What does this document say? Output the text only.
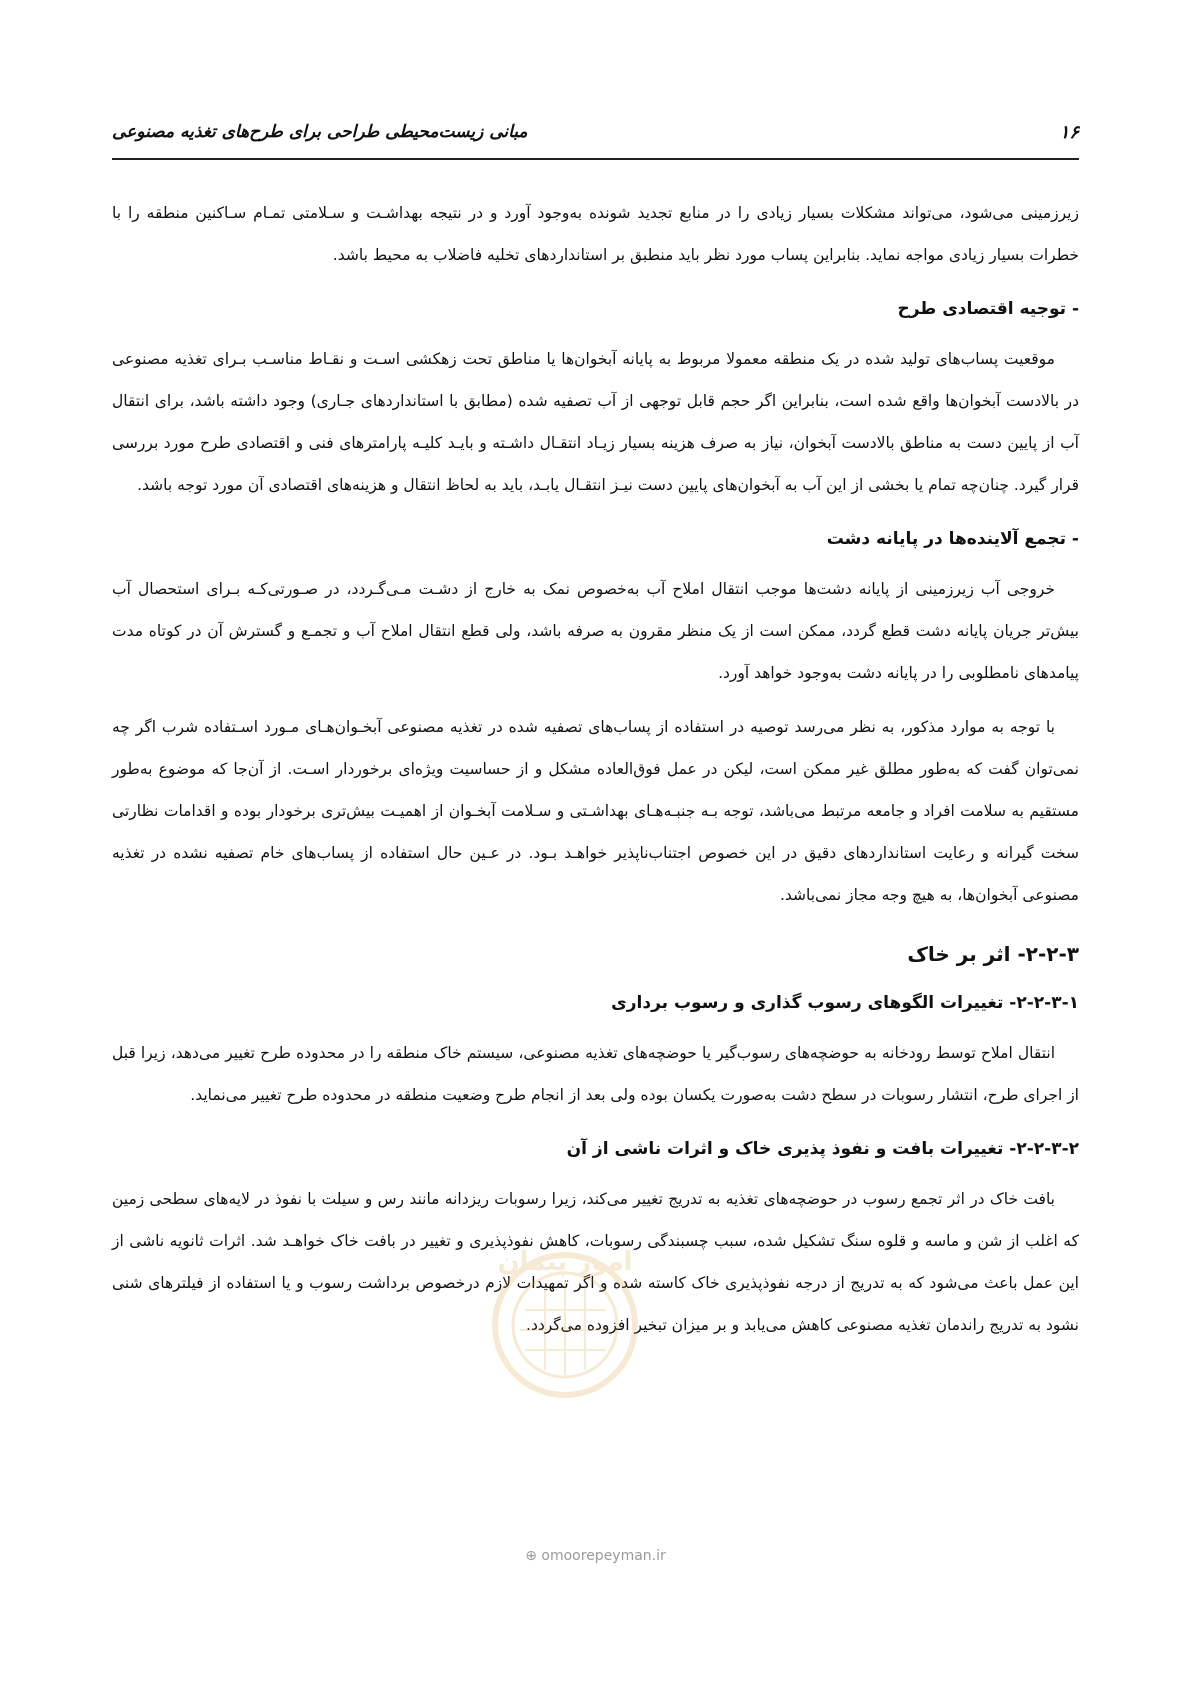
۱۶
مبانی زیست‌محیطی طراحی برای طرح‌های تغذیه مصنوعی

زیرزمینی می‌شود، می‌تواند مشکلات بسیار زیادی را در منابع تجدید شونده به‌وجود آورد و در نتیجه بهداشـت و سـلامتی تمـام سـاکنین منطقه را با خطرات بسیار زیادی مواجه نماید. بنابراین پساب مورد نظر باید منطبق بر استانداردهای تخلیه فاضلاب به محیط باشد.

- توجیه اقتصادی طرح

موقعیت پساب‌های تولید شده در یک منطقه معمولا مربوط به پایانه آبخوان‌ها یا مناطق تحت زهکشی اسـت و نقـاط مناسـب بـرای تغذیه مصنوعی در بالادست آبخوان‌ها واقع شده است، بنابراین اگر حجم قابل توجهی از آب تصفیه شده (مطابق با استانداردهای جـاری) وجود داشته باشد، برای انتقال آب از پایین دست به مناطق بالادست آبخوان، نیاز به صرف هزینه بسیار زیـاد انتقـال داشـته و بایـد کلیـه پارامترهای فنی و اقتصادی طرح مورد بررسی قرار گیرد. چنان‌چه تمام یا بخشی از این آب به آبخوان‌های پایین دست نیـز انتقـال یابـد، باید به لحاظ انتقال و هزینه‌های اقتصادی آن مورد توجه باشد.

- تجمع آلاینده‌ها در پایانه دشت

خروجی آب زیرزمینی از پایانه دشت‌ها موجب انتقال املاح آب به‌خصوص نمک به خارج از دشـت مـی‌گـردد، در صـورتی‌کـه بـرای استحصال آب بیش‌تر جریان پایانه دشت قطع گردد، ممکن است از یک منظر مقرون به صرفه باشد، ولی قطع انتقال املاح آب و تجمـع و گسترش آن در کوتاه مدت پیامدهای نامطلوبی را در پایانه دشت به‌وجود خواهد آورد.

با توجه به موارد مذکور، به نظر می‌رسد توصیه در استفاده از پساب‌های تصفیه شده در تغذیه مصنوعی آبخـوان‌هـای مـورد اسـتفاده شرب اگر چه نمی‌توان گفت که به‌طور مطلق غیر ممکن است، لیکن در عمل فوق‌العاده مشکل و از حساسیت ویژه‌ای برخوردار اسـت. از آن‌جا که موضوع به‌طور مستقیم به سلامت افراد و جامعه مرتبط می‌باشد، توجه بـه جنبـه‌هـای بهداشـتی و سـلامت آبخـوان از اهمیـت بیش‌تری برخودار بوده و اقدامات نظارتی سخت گیرانه و رعایت استانداردهای دقیق در این خصوص اجتناب‌ناپذیر خواهـد بـود. در عـین حال استفاده از پساب‌های خام تصفیه نشده در تغذیه مصنوعی آبخوان‌ها، به هیچ وجه مجاز نمی‌باشد.

۲-۲-۳- اثر بر خاک
۲-۲-۳-۱- تغییرات الگوهای رسوب گذاری و رسوب برداری

انتقال املاح توسط رودخانه به حوضچه‌های رسوب‌گیر یا حوضچه‌های تغذیه مصنوعی، سیستم خاک منطقه را در محدوده طرح تغییر می‌دهد، زیرا قبل از اجرای طرح، انتشار رسوبات در سطح دشت به‌صورت یکسان بوده ولی بعد از انجام طرح وضعیت منطقه در محدوده طرح تغییر می‌نماید.

۲-۲-۳-۲- تغییرات بافت و نفوذ پذیری خاک و اثرات ناشی از آن

بافت خاک در اثر تجمع رسوب در حوضچه‌های تغذیه به تدریج تغییر می‌کند، زیرا رسوبات ریزدانه مانند رس و سیلت با نفوذ در لایه‌های سطحی زمین که اغلب از شن و ماسه و قلوه سنگ تشکیل شده، سبب چسبندگی رسوبات، کاهش نفوذپذیری و تغییر در بافت خاک خواهـد شد. اثرات ثانویه ناشی از این عمل باعث می‌شود که به تدریج از درجه نفوذپذیری خاک کاسته شده و اگر تمهیدات لازم درخصوص برداشت رسوب و یا استفاده از فیلترهای شنی نشود به تدریج راندمان تغذیه مصنوعی کاهش می‌یابد و بر میزان تبخیر افزوده می‌گردد.

امور پیمان
⊕ omoorepeyman.ir
